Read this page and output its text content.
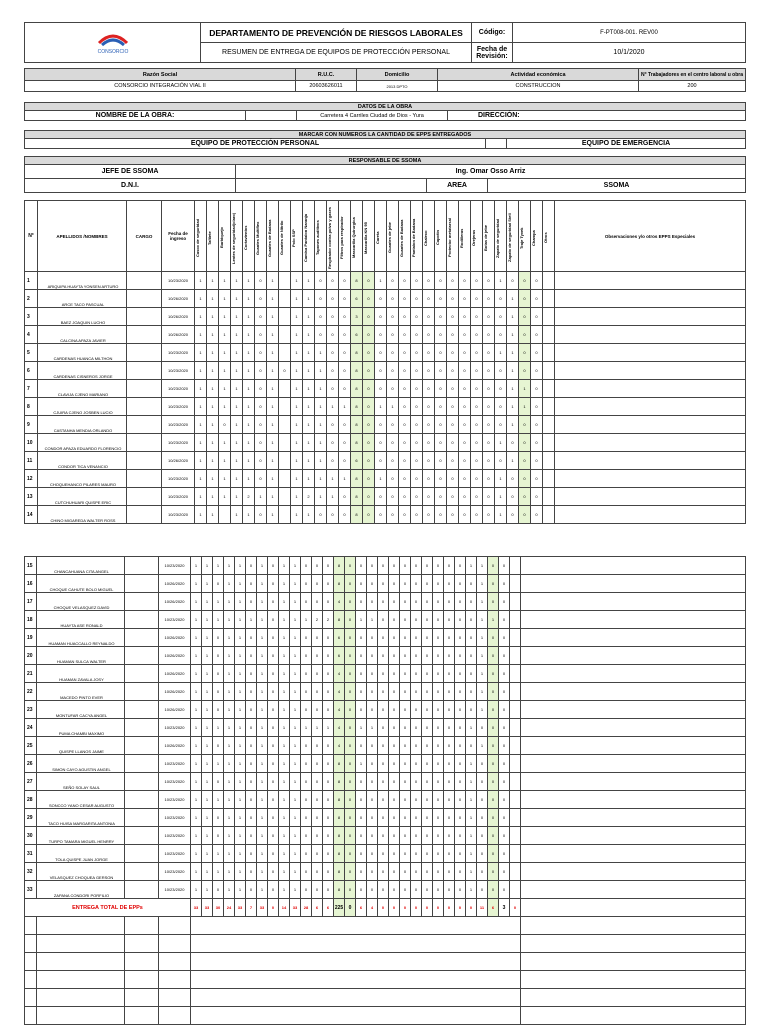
CONSORCIO	DEPARTAMENTO DE PREVENCIÓN DE RIESGOS LABORALES	Código:	F-PT008-001. REV00
	RESUMEN DE ENTREGA DE EQUIPOS DE PROTECCIÓN PERSONAL	Fecha de Revisión:	10/1/2020
Razón Social	R.U.C.	Domicilio	Actividad económica	N° Trabajadores en el centro laboral u obra
CONSORCIO INTEGRACIÓN VIAL II	20603626011	2013 DPTO	CONSTRUCCION	200
DATOS DE LA OBRA
NOMBRE DE LA OBRA:		Carretera 4 Carriles Ciudad de Dios - Yura	DIRECCIÓN:
MARCAR CON NUMEROS LA CANTIDAD DE EPPS ENTREGADOS
EQUIPO DE PROTECCIÓN PERSONAL		EQUIPO DE EMERGENCIA
RESPONSABLE DE SSOMA			
JEFE DE SSOMA	Ing. Omar Osso Arriz		
D.N.I.		AREA	SSOMA
N°	APELLIDOS /NOMBRES	CARGO	Fecha de ingreso	Casco de seguridad	Tafilete	Barbiquejo	Lentes de seguridad(claro)	Cortavientos	Guantes Multiflex	Guantes de Badana	Guantes de Nitrilo	Polo SSP	Camisa Pantalon Naranja	Tapones auditivos	Respirador contra polvo y gases	Filtros para respirador	Mascarilla Quirurgica	Mascarilla KN 95	Careta	Guantes de jebe	Guantes de Badana	Pantalon de Badana	Chaleco	Capotin	Protector metatarsal	Rodilleras	Orejeras	Botas de jebe	Zapato de seguridad	Zapato de seguridad Stell	Traje Tyvek	Champa	Otros	Observaciones y/o otros EPPS Especiales
1	ARIQUIPA HUAYTA YONSEN ARTURO		10/23/2020	1	1	1	1	1	0	1		1	1	0	0	0	8	0	1	0	0	0	0	0	0	0	0	0	1	0	0	0		
2	ARCE TACO PASCUAL		10/26/2020	1	1	1	1	1	0	1		1	1	0	0	0	6	0	0	0	0	0	0	0	0	0	0	0	0	1	0	0		
3	BAEZ JOAQUIN LUCHO		10/26/2020	1	1	1	1	1	0	1		1	1	0	0	0	3	0	0	0	0	0	0	0	0	0	0	0	0	1	0	0		
4	CALCINA APAZA JAVIER		10/26/2020	1	1	1	1	1	0	1		1	1	0	0	0	6	0	0	0	0	0	0	0	0	0	0	0	0	1	0	0		
5	CARDENAS HUANCA MILTHON		10/23/2020	1	1	1	1	1	0	1		1	1	1	0	0	8	0	0	0	0	0	0	0	0	0	0	0	1	1	0	0		
6	CARDENAS CISNEROS JORGE		10/23/2020	1	1	1	1	1	0	1	0	1	1	1	0	0	8	0	0	0	0	0	0	0	0	0	0	0	0	1	0	0		
7	CLAVIJA CJENO MARIANO		10/23/2020	1	1	1	1	1	0	1		1	1	1	0	0	8	0	0	0	0	0	0	0	0	0	0	0	0	1	1	0		
8	CJUIRA CJENO JOSBEN LUCIO		10/23/2020	1	1	1	1	1	0	1		1	1	1	1	1	8	0	1	1	0	0	0	0	0	0	0	0	0	1	1	0		
9	CASTANHA MENDIA ORLANDO		10/23/2020	1	1	0	1	1	0	1		1	1	1	0	0	8	0	0	0	0	0	0	0	0	0	0	0	0	1	0	0		
10	CONDOR APAZA EDUARDO FLORENCIO		10/23/2020	1	1	1	1	1	0	1		1	1	1	0	0	8	0	0	0	0	0	0	0	0	0	0	0	1	0	0	0		
11	CONDOR TICA VENANCIO		10/26/2020	1	1	1	1	1	0	1		1	1	1	0	0	6	0	0	0	0	0	0	0	0	0	0	0	0	1	0	0		
12	CHOQUEHANCO PILARES MAURO		10/23/2020	1	1	1	1	1	0	1		1	1	1	1	1	8	0	1	0	0	0	0	0	0	0	0	0	1	0	0	0		
13	CUTCHUHUARI QUISPE ERIC		10/23/2020	1	1	1	1	2	1	1		1	2	1	1	0	8	0	0	0	0	0	0	0	0	0	0	0	1	0	0	0		
14	CHINO MIGAREDA WALTER ROSS		10/23/2020	1	1		1	1	0	1		1	1	0	0	0	8	0	0	0	0	0	0	0	0	0	0	0	1	0	0	0		

15	CHANCAHUANA CITA ANGEL		10/23/2020	1	1	1	1	1	0	1	0	1	1	0	0	0	8	0	0	0	0	0	0	0	0	0	0	0	1	1	0	0		
16	CHOQUE CAHUTE BOLO MIGUEL		10/26/2020	1	1	0	1	1	0	1	0	1	1	0	0	0	8	0	0	0	0	0	0	0	0	0	0	0	0	1	0	0		
17	CHOQUE VELASQUEZ DAVID		10/26/2020	1	1	1	1	1	0	1	0	1	1	0	0	0	4	0	0	0	0	0	0	0	0	0	0	0	0	1	0	0		
18	HUAYTA ASE RONALD		10/23/2020	1	1	1	1	1	1	1	0	1	1	1	2	2	8	0	1	1	0	0	0	0	0	0	0	0	0	1	1	0		
19	HUAMAN HUACCALLO REYNALDO		10/26/2020	1	1	0	1	1	0	1	0	1	1	0	0	0	6	0	0	0	0	0	0	0	0	0	0	0	0	1	0	0		
20	HUAMAN SULCA WALTER		10/26/2020	1	1	0	1	1	0	1	0	1	1	0	0	0	6	0	0	0	0	0	0	0	0	0	0	0	0	1	0	0		
21	HUAMAN ZAVALA JOSY		10/26/2020	1	1	0	1	1	0	1	0	1	1	0	0	0	4	0	0	0	0	0	0	0	0	0	0	0	0	1	0	0		
22	MACEDO PINTO EVER		10/26/2020	1	1	0	1	1	0	1	0	1	1	0	0	0	4	0	0	0	0	0	0	0	0	0	0	0	0	1	0	0		
23	MONTUFAR CACYA ANGEL		10/26/2020	1	1	0	1	1	0	1	0	1	1	0	0	0	4	0	0	0	0	0	0	0	0	0	0	0	0	1	0	0		
24	PUMA CHAMBI MAXIMO		10/23/2020	1	1	1	1	1	0	1	0	1	1	1	1	1	4	0	1	1	0	0	0	0	0	0	0	0	1	0	0	0		
25	QUISPE LLANOS JAIME		10/26/2020	1	1	0	1	1	0	1	0	1	1	0	0	0	4	0	0	0	0	0	0	0	0	0	0	0	0	1	0	0		
26	SIMON CAYO AGUSTIN ANGEL		10/23/2020	1	1	1	1	1	0	1	0	1	1	0	0	0	8	0	1	0	0	0	0	0	0	0	0	0	1	0	0	0		
27	SEÑO SOLAY SAUL		10/23/2020	1	1	0	1	1	0	1	0	1	1	0	0	0	8	0	0	0	0	0	0	0	0	0	0	0	1	0	0	0		
28	SONCCO YANO CESAR AUGUSTO		10/23/2020	1	1	1	1	1	0	1	0	1	1	0	0	0	8	0	0	0	0	0	0	0	0	0	0	0	1	0	0	0		
29	TACO HUISA MARGARITA ANTONIA		10/23/2020	1	1	0	1	1	0	1	0	1	1	0	0	0	8	0	0	0	0	0	0	0	0	0	0	0	1	0	0	0		
30	TURPO TAMARA MIGUEL HENRRY		10/23/2020	1	1	0	1	1	0	1	0	1	1	0	0	0	8	0	0	0	0	0	0	0	0	0	0	0	1	0	0	0		
31	TOLA QUISPE JUAN JORGE		10/23/2020	1	1	1	1	1	0	1	0	1	1	0	0	0	8	0	0	0	0	0	0	0	0	0	0	0	1	0	0	0		
32	VELASQUEZ CHOQUEA GERSON		10/23/2020	1	1	1	1	1	0	1	0	1	1	0	0	0	8	0	0	0	0	0	0	0	0	0	0	0	1	0	0	0		
33	ZAPANA CONDORI PORFILIO		10/23/2020	1	1	0	1	1	0	1	0	1	1	0	0	0	8	0	0	0	0	0	0	0	0	0	0	0	1	0	0	0		
ENTREGA TOTAL DE EPPs				33	33	30	24	33	7	33	0	14	33	28	6	6	225	0	6	4	0	0	0	0	0	0	0	0	0	11	6	3	0	
